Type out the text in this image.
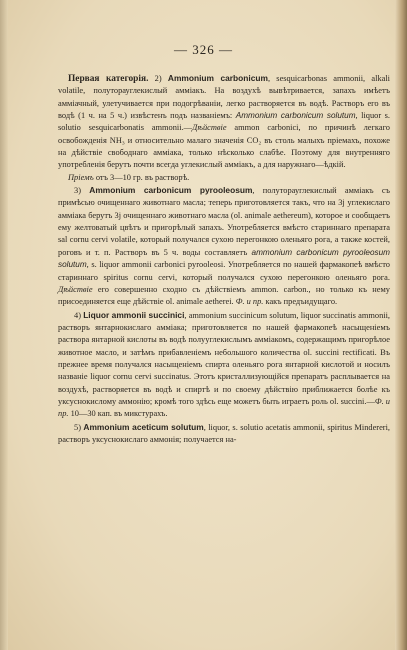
— 326 —

Первая категорія. 2) Ammonium carbonicum, sesquicarbonas ammonii, alkali volatile, полуторауглекислый аммiакъ. На воздухѣ вывѣтривается, запахъ имѣетъ аммiачный, улетучивается при подогрѣванiи, легко растворяется въ водѣ. Растворъ его въ водѣ (1 ч. на 5 ч.) извѣстенъ подъ названiемъ: Ammonium carbonicum solutum, liquor s. solutio sesquicarbonatis ammonii.—Дѣйствiе ammon carbonici, по причинѣ легкаго освобожденiя NH₃ и относительно малаго значенiя CO₂ въ столь малыхъ прiемахъ, похоже на дѣйствiе свободнаго аммiака, только нѣсколько слабѣе. Поэтому для внутренняго употребленiя берутъ почти всегда углекислый аммiакъ, а для наружнаго—ѣдкiй.

Прiемъ отъ 3—10 гр. въ растворѣ.

3) Ammonium carbonicum pyrooleosum, полуторауглекислый аммiакъ съ примѣсью очищеннаго животнаго масла; теперь приготовляется такъ, что на 3j углекислаго аммiака берутъ 3j очищеннаго животнаго масла (ol. animale aethereum), которое и сообщаетъ ему желтоватый цвѣтъ и пригорѣлый запахъ. Употребляется вмѣсто стариннаго препарата sal cornu cervi volatile, который получался сухою перегонкою оленьяго рога, а также костей, роговъ и т. п. Растворъ въ 5 ч. воды составляетъ ammonium carbonicum pyrooleosum solutum, s. liquor ammonii carbonici pyrooleosi. Употребляется по нашей фармакопеѣ вмѣсто стариннаго spiritus cornu cervi, который получался сухою перегонкою оленьяго рога. Дѣйствiе его совершенно сходно съ дѣйствiемъ ammon. carbon., но только къ нему присоединяется еще дѣйствiе ol. animale aetherei. Ф. и пр. какъ предъидущаго.

4) Liquor ammonii succinici, ammonium succinicum solutum, liquor succinatis ammonii, растворъ янтарнокислаго аммiака; приготовляется по нашей фармакопеѣ насыщенiемъ раствора янтарной кислоты въ водѣ полууглекислымъ аммiакомъ, содержащимъ пригорѣлое животное масло, и затѣмъ прибавленiемъ небольшого количества ol. succini rectificati. Въ прежнее время получался насыщенiемъ спирта оленьяго рога янтарной кислотой и носилъ названiе liquor cornu cervi succinatus. Этотъ кристаллизующiйся препаратъ расплывается на воздухѣ, растворяется въ водѣ и спиртѣ и по своему дѣйствiю приближается болѣе къ уксуснокислому аммонiю; кромѣ того здѣсь еще можетъ быть играетъ роль ol. succini.—Ф. и пр. 10—30 кап. въ микстурахъ.

5) Ammonium aceticum solutum, liquor, s. solutio acetatis ammonii, spiritus Mindereri, растворъ уксуснокислаго аммонiя; получается на-
